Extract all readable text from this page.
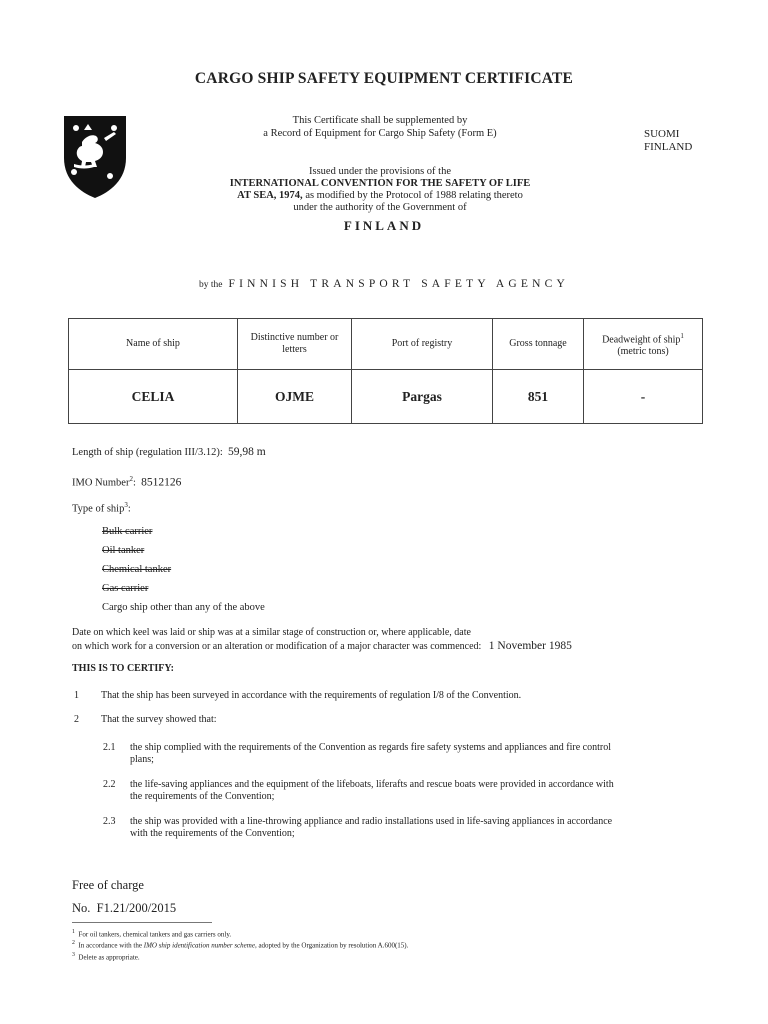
CARGO SHIP SAFETY EQUIPMENT CERTIFICATE
This Certificate shall be supplemented by
a Record of Equipment for Cargo Ship Safety (Form E)	SUOMI
FINLAND
Issued under the provisions of the
INTERNATIONAL CONVENTION FOR THE SAFETY OF LIFE
AT SEA, 1974, as modified by the Protocol of 1988 relating thereto
under the authority of the Government of
FINLAND
by the FINNISH TRANSPORT SAFETY AGENCY
Name of ship	Distinctive number or letters	Port of registry	Gross tonnage	Deadweight of ship$^1$
(metric tons)
CELIA	OJME	Pargas	851	-
Length of ship (regulation III/3.12): 59,98 m
IMO Number$^2$: 8512126
Type of ship$^3$:
Bulk carrier
Oil tanker
Chemical tanker
Gas carrier
Cargo ship other than any of the above
Date on which keel was laid or ship was at a similar stage of construction or, where applicable, date
on which work for a conversion or an alteration or modification of a major character was commenced: 1 November 1985
THIS IS TO CERTIFY:
1 That the ship has been surveyed in accordance with the requirements of regulation I/8 of the Convention.
2 That the survey showed that:
2.1 the ship complied with the requirements of the Convention as regards fire safety systems and appliances and fire control
plans;
2.2 the life-saving appliances and the equipment of the lifeboats, liferafts and rescue boats were provided in accordance with
the requirements of the Convention;
2.3 the ship was provided with a line-throwing appliance and radio installations used in life-saving appliances in accordance
with the requirements of the Convention;
Free of charge
No. F1.21/200/2015
$^1$ For oil tankers, chemical tankers and gas carriers only.
$^2$ In accordance with the IMO ship identification number scheme, adopted by the Organization by resolution A.600(15).
$^3$ Delete as appropriate.
